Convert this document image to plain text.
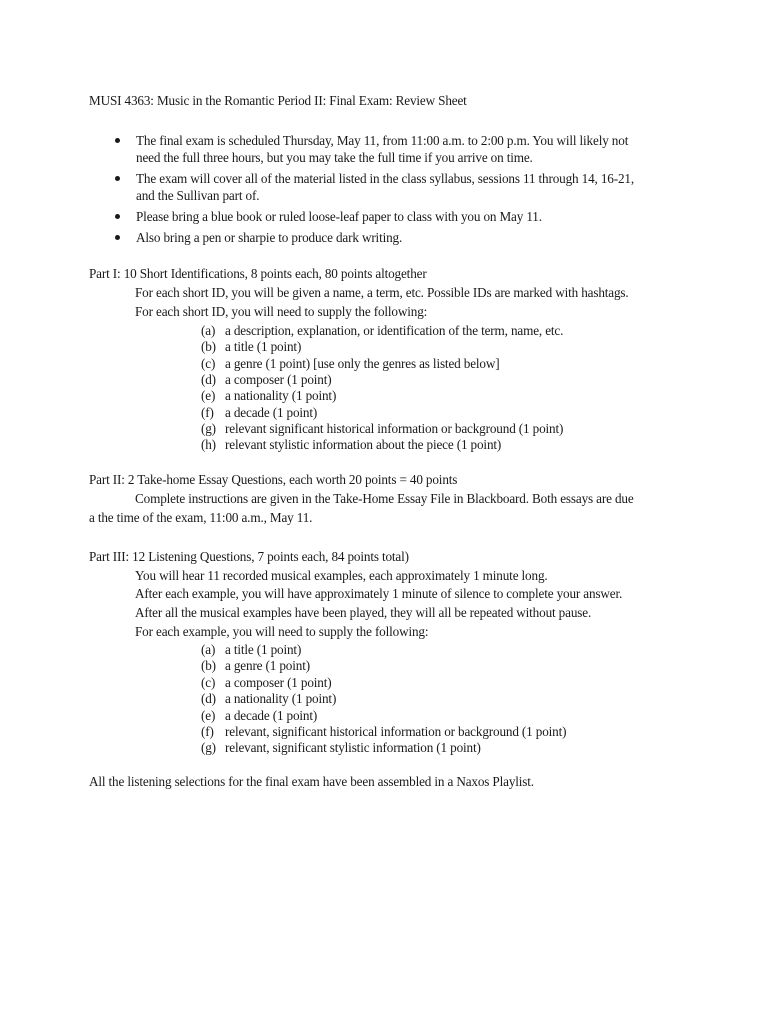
MUSI 4363: Music in the Romantic Period II: Final Exam: Review Sheet
The final exam is scheduled Thursday, May 11, from 11:00 a.m. to 2:00 p.m. You will likely not
need the full three hours, but you may take the full time if you arrive on time.
The exam will cover all of the material listed in the class syllabus, sessions 11 through 14, 16-21,
and the Sullivan part of.
Please bring a blue book or ruled loose-leaf paper to class with you on May 11.
Also bring a pen or sharpie to produce dark writing.
Part I: 10 Short Identifications, 8 points each, 80 points altogether
For each short ID, you will be given a name, a term, etc. Possible IDs are marked with hashtags.
For each short ID, you will need to supply the following:
(a) a description, explanation, or identification of the term, name, etc.
(b) a title (1 point)
(c) a genre (1 point) [use only the genres as listed below]
(d) a composer (1 point)
(e) a nationality (1 point)
(f) a decade (1 point)
(g) relevant significant historical information or background (1 point)
(h) relevant stylistic information about the piece (1 point)
Part II: 2 Take-home Essay Questions, each worth 20 points = 40 points
Complete instructions are given in the Take-Home Essay File in Blackboard. Both essays are due
a the time of the exam, 11:00 a.m., May 11.
Part III: 12 Listening Questions, 7 points each, 84 points total)
You will hear 11 recorded musical examples, each approximately 1 minute long.
After each example, you will have approximately 1 minute of silence to complete your answer.
After all the musical examples have been played, they will all be repeated without pause.
For each example, you will need to supply the following:
(a) a title (1 point)
(b) a genre (1 point)
(c) a composer (1 point)
(d) a nationality (1 point)
(e) a decade (1 point)
(f) relevant, significant historical information or background (1 point)
(g) relevant, significant stylistic information (1 point)
All the listening selections for the final exam have been assembled in a Naxos Playlist.
